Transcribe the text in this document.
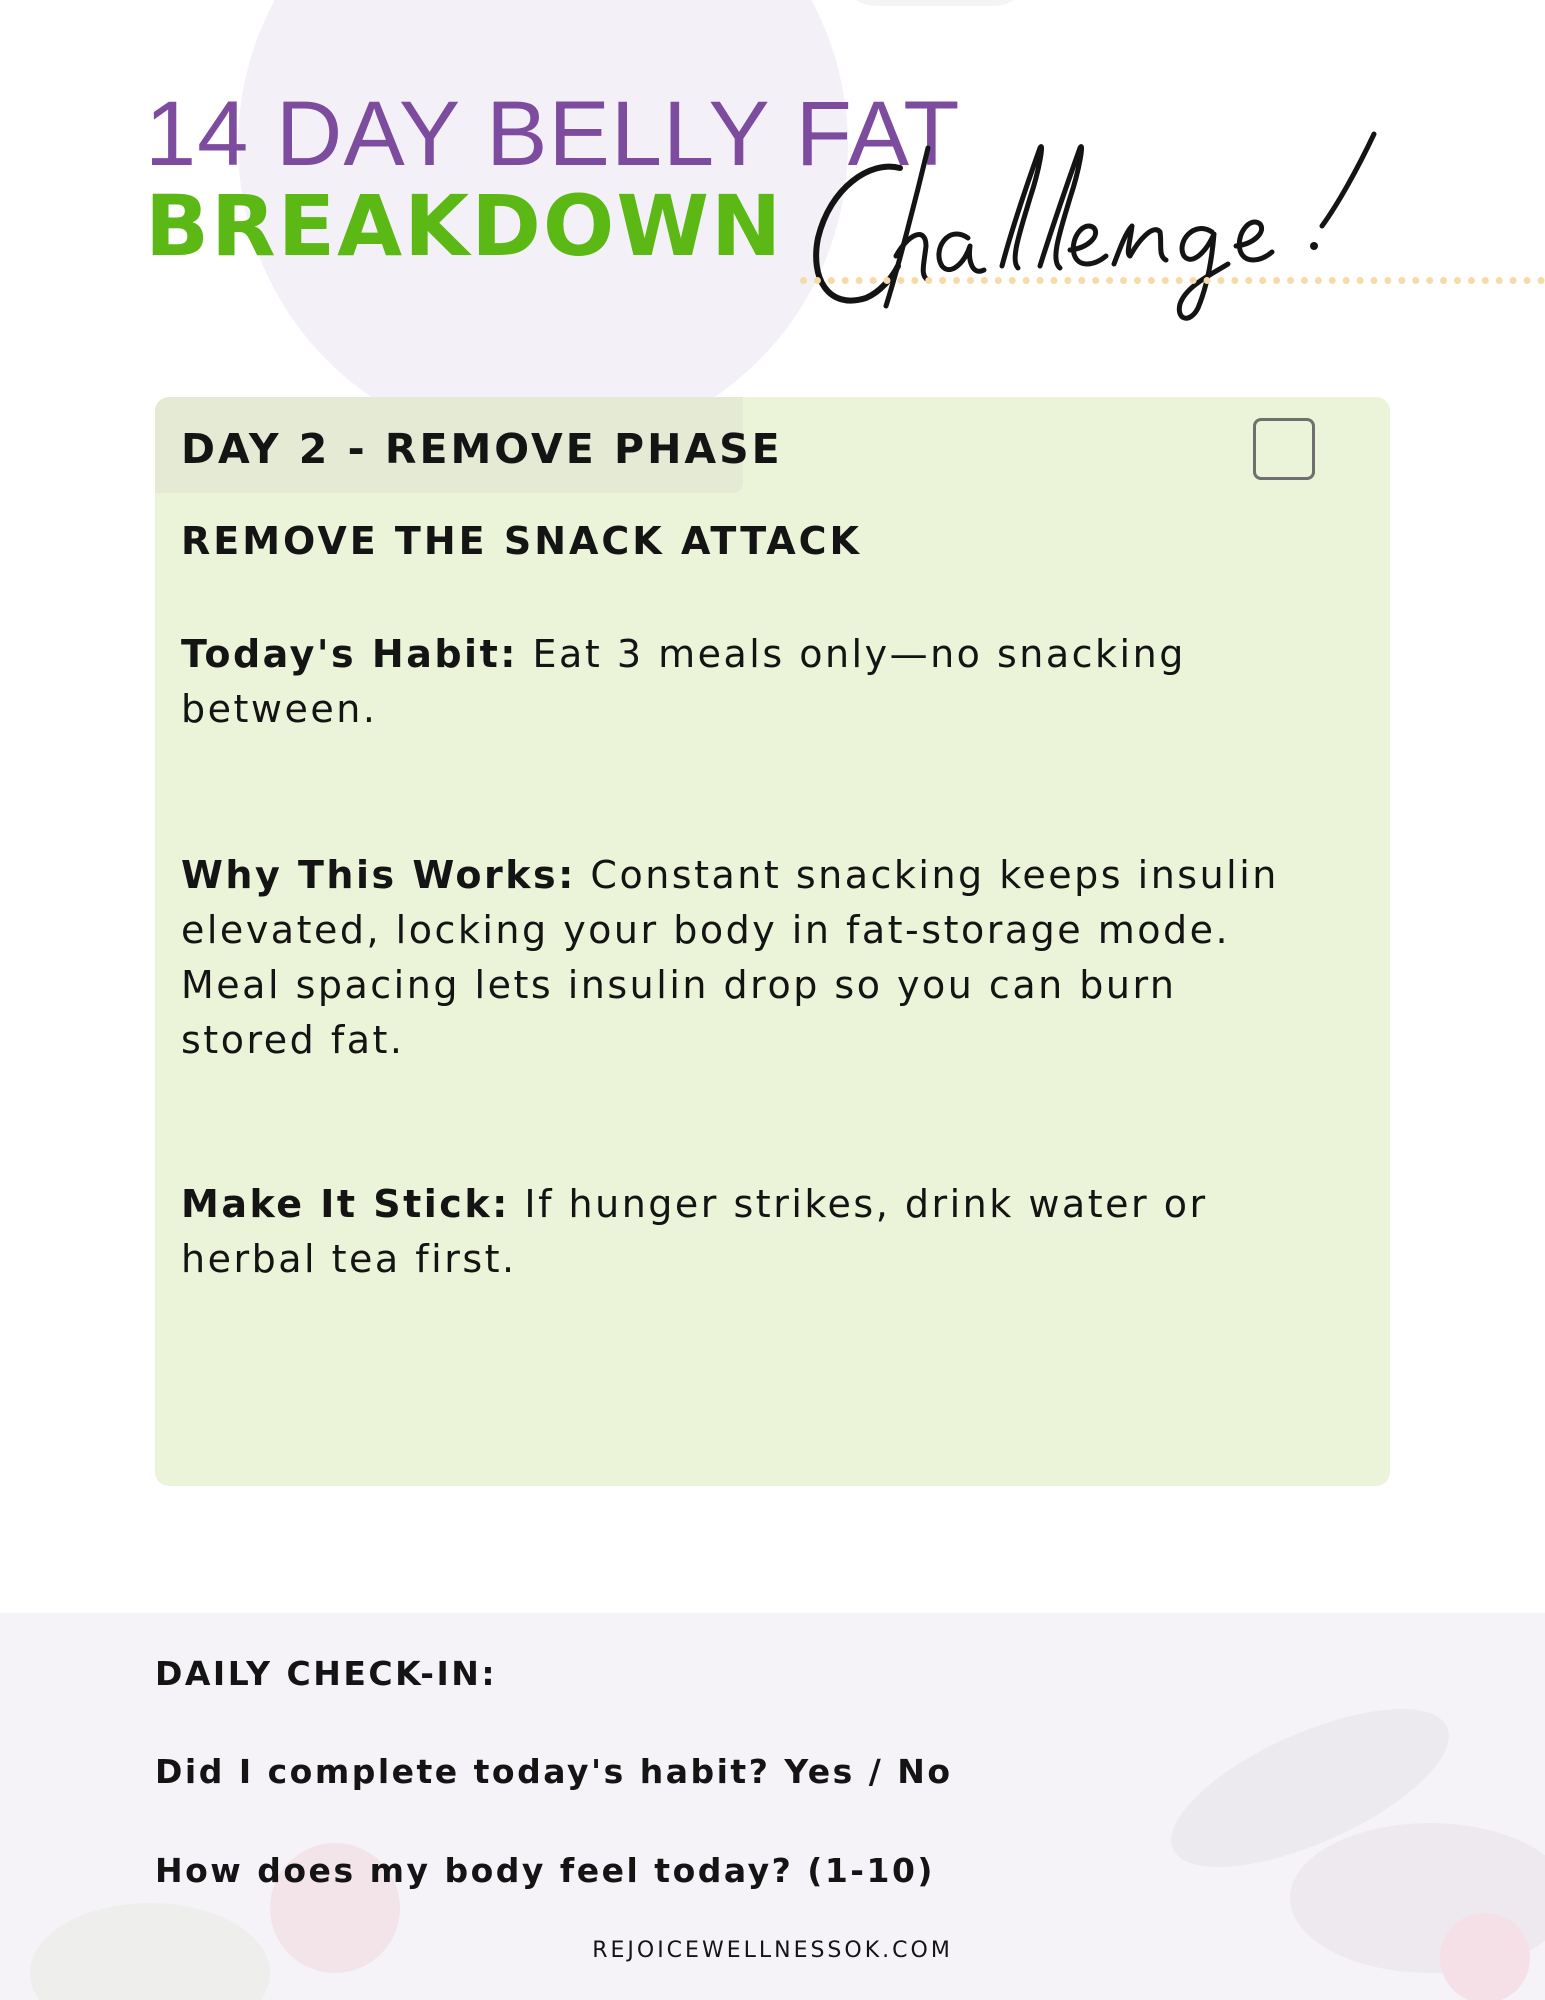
14 DAY BELLY FAT
BREAKDOWN
DAY 2 - REMOVE PHASE
REMOVE THE SNACK ATTACK

Today's Habit: Eat 3 meals only—no snacking between.

Why This Works: Constant snacking keeps insulin elevated, locking your body in fat-storage mode. Meal spacing lets insulin drop so you can burn stored fat.

Make It Stick: If hunger strikes, drink water or herbal tea first.

DAILY CHECK-IN:

Did I complete today's habit? Yes / No

How does my body feel today? (1-10)

REJOICEWELLNESSOK.COM
